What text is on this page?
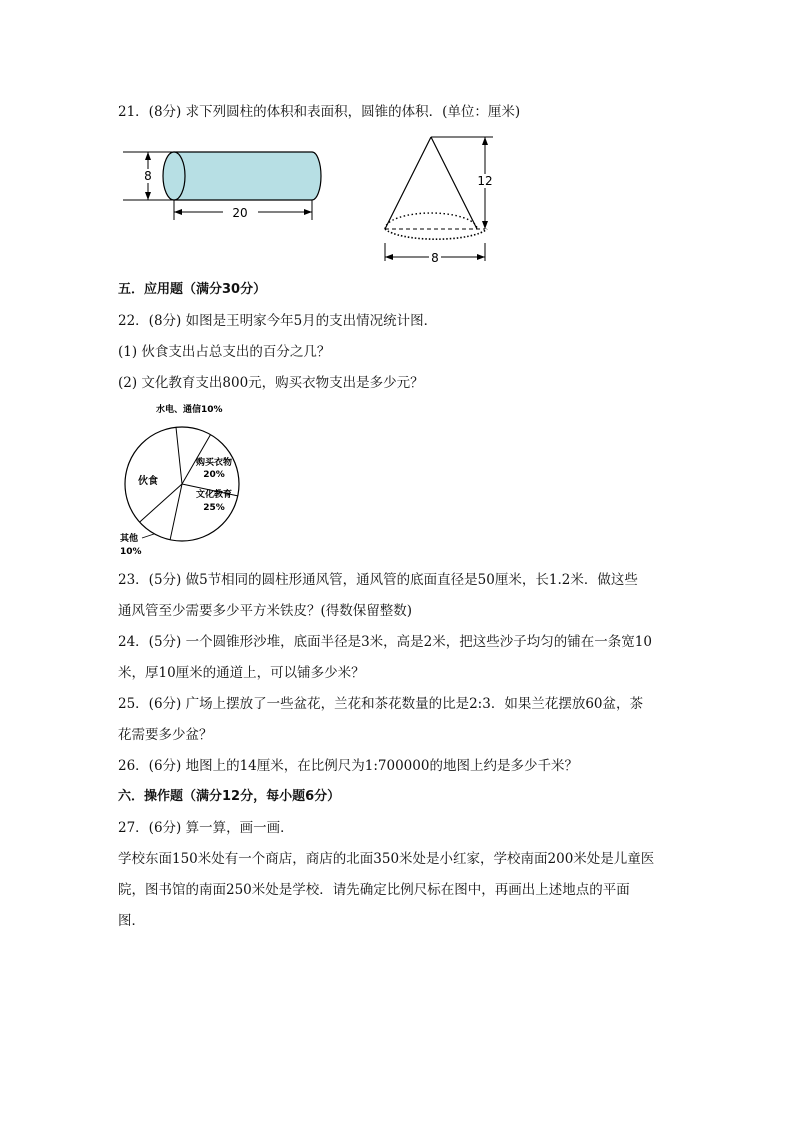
21．(8分) 求下列圆柱的体积和表面积，圆锥的体积．(单位：厘米)
8
20
12
8
五．应用题（满分30分）
22．(8分) 如图是王明家今年5月的支出情况统计图．
(1) 伙食支出占总支出的百分之几？
(2) 文化教育支出800元，购买衣物支出是多少元？
水电、通信10%
购买衣物
20%
文化教育
25%
伙食
其他
10%
23．(5分) 做5节相同的圆柱形通风管，通风管的底面直径是50厘米，长1.2米．做这些
通风管至少需要多少平方米铁皮？(得数保留整数)
24．(5分) 一个圆锥形沙堆，底面半径是3米，高是2米，把这些沙子均匀的铺在一条宽10
米，厚10厘米的通道上，可以铺多少米？
25．(6分) 广场上摆放了一些盆花，兰花和茶花数量的比是2:3．如果兰花摆放60盆，茶
花需要多少盆？
26．(6分) 地图上的14厘米，在比例尺为1:700000的地图上约是多少千米？
六．操作题（满分12分，每小题6分）
27．(6分) 算一算，画一画．
学校东面150米处有一个商店，商店的北面350米处是小红家，学校南面200米处是儿童医
院，图书馆的南面250米处是学校．请先确定比例尺标在图中，再画出上述地点的平面
图．
